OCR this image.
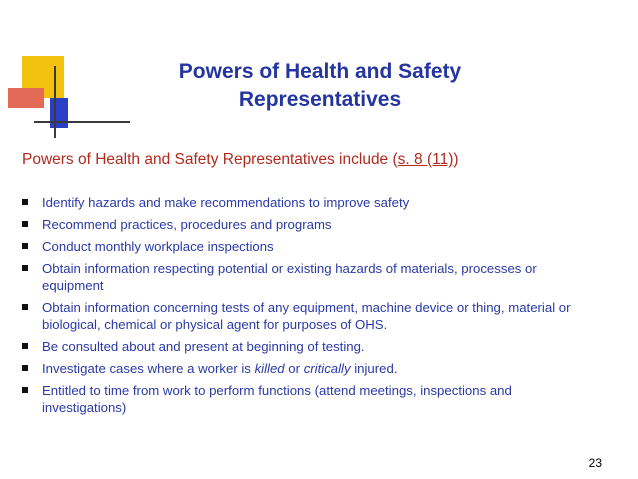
Powers of Health and Safety
Representatives
Powers of Health and Safety Representatives include (s. 8 (11))
Identify hazards and make recommendations to improve safety
Recommend practices, procedures and programs
Conduct monthly workplace inspections
Obtain information respecting potential or existing hazards of materials, processes or equipment
Obtain information concerning tests of any equipment, machine device or thing, material or biological, chemical or physical agent for purposes of OHS.
Be consulted about and present at beginning of testing.
Investigate cases where a worker is killed or critically injured.
Entitled to time from work to perform functions (attend meetings, inspections and investigations)
23
